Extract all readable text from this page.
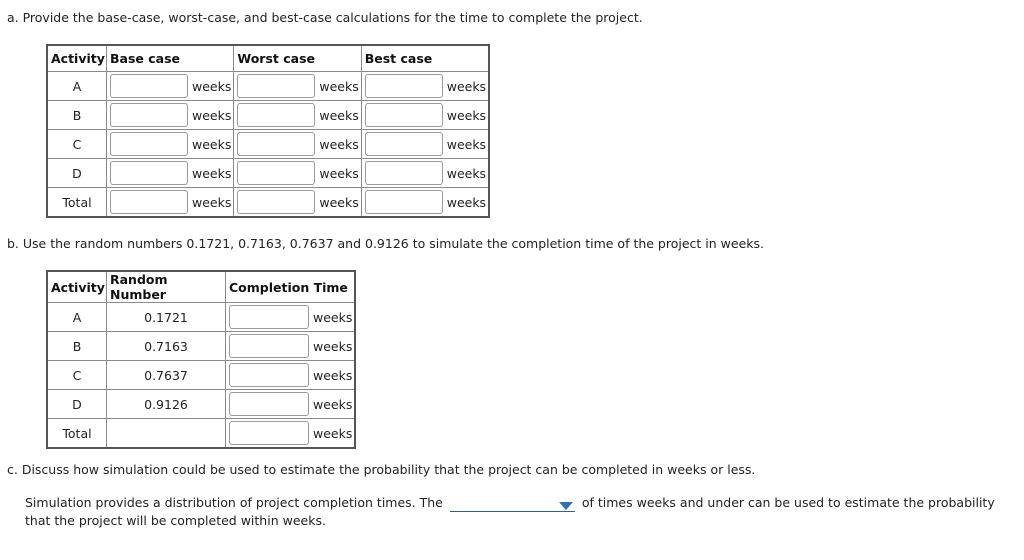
a. Provide the base-case, worst-case, and best-case calculations for the time to complete the project.
Activity	Base case	Worst case	Best case
A	weeks	weeks	weeks

B	weeks	weeks	weeks

C	weeks	weeks	weeks

D	weeks	weeks	weeks

Total	weeks	weeks	weeks
b. Use the random numbers 0.1721, 0.7163, 0.7637 and 0.9126 to simulate the completion time of the project in weeks.
Activity	Random Number	Completion Time
A	0.1721	weeks

B	0.7163	weeks

C	0.7637	weeks

D	0.9126	weeks

Total		weeks
c. Discuss how simulation could be used to estimate the probability that the project can be completed in weeks or less.
Simulation provides a distribution of project completion times. The	of times weeks and under can be used to estimate the probability that the project will be completed within weeks.
